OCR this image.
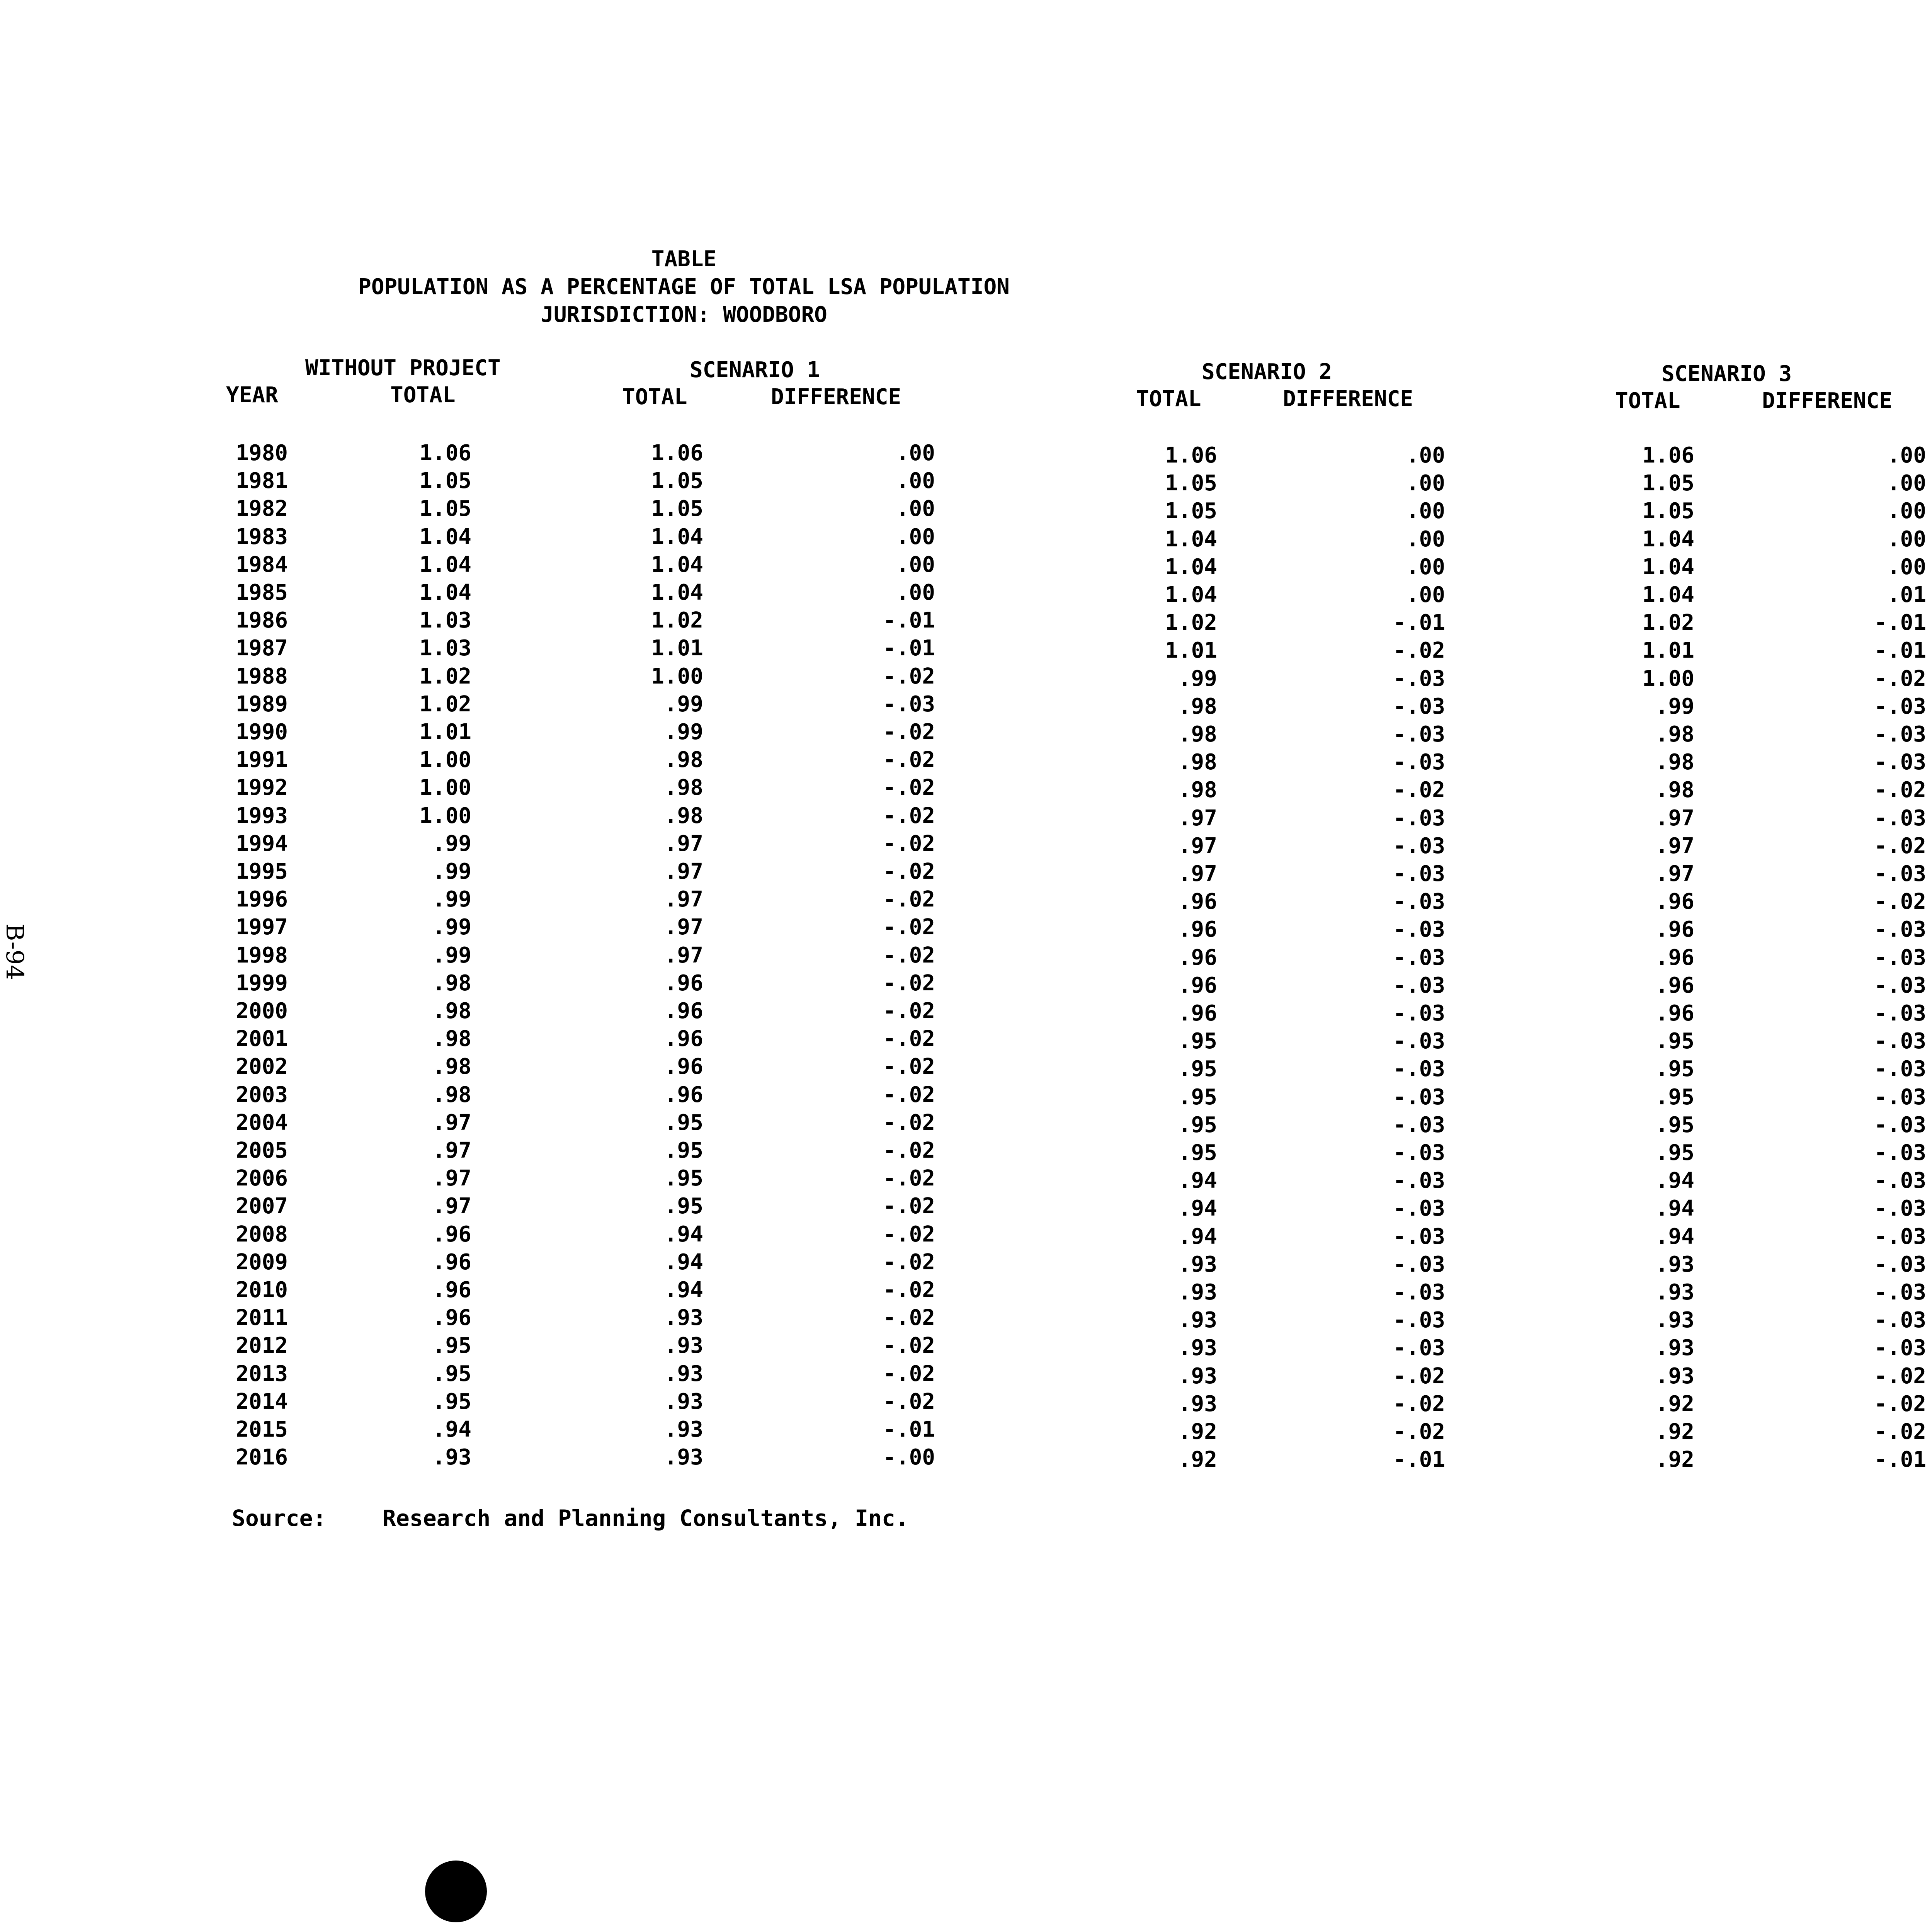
B-94
TABLE
POPULATION AS A PERCENTAGE OF TOTAL LSA POPULATION
JURISDICTION: WOODBORO
WITHOUT PROJECT
YEAR	TOTAL
SCENARIO 1
TOTAL	DIFFERENCE
SCENARIO 2
TOTAL	DIFFERENCE
SCENARIO 3
TOTAL	DIFFERENCE
1980	1.06	1.06	.00	1.06	.00	1.06	.00
1981	1.05	1.05	.00	1.05	.00	1.05	.00
1982	1.05	1.05	.00	1.05	.00	1.05	.00
1983	1.04	1.04	.00	1.04	.00	1.04	.00
1984	1.04	1.04	.00	1.04	.00	1.04	.00
1985	1.04	1.04	.00	1.04	.00	1.04	.01
1986	1.03	1.02	-.01	1.02	-.01	1.02	-.01
1987	1.03	1.01	-.01	1.01	-.02	1.01	-.01
1988	1.02	1.00	-.02	.99	-.03	1.00	-.02
1989	1.02	.99	-.03	.98	-.03	.99	-.03
1990	1.01	.99	-.02	.98	-.03	.98	-.03
1991	1.00	.98	-.02	.98	-.03	.98	-.03
1992	1.00	.98	-.02	.98	-.02	.98	-.02
1993	1.00	.98	-.02	.97	-.03	.97	-.03
1994	.99	.97	-.02	.97	-.03	.97	-.02
1995	.99	.97	-.02	.97	-.03	.97	-.03
1996	.99	.97	-.02	.96	-.03	.96	-.02
1997	.99	.97	-.02	.96	-.03	.96	-.03
1998	.99	.97	-.02	.96	-.03	.96	-.03
1999	.98	.96	-.02	.96	-.03	.96	-.03
2000	.98	.96	-.02	.96	-.03	.96	-.03
2001	.98	.96	-.02	.95	-.03	.95	-.03
2002	.98	.96	-.02	.95	-.03	.95	-.03
2003	.98	.96	-.02	.95	-.03	.95	-.03
2004	.97	.95	-.02	.95	-.03	.95	-.03
2005	.97	.95	-.02	.95	-.03	.95	-.03
2006	.97	.95	-.02	.94	-.03	.94	-.03
2007	.97	.95	-.02	.94	-.03	.94	-.03
2008	.96	.94	-.02	.94	-.03	.94	-.03
2009	.96	.94	-.02	.93	-.03	.93	-.03
2010	.96	.94	-.02	.93	-.03	.93	-.03
2011	.96	.93	-.02	.93	-.03	.93	-.03
2012	.95	.93	-.02	.93	-.03	.93	-.03
2013	.95	.93	-.02	.93	-.02	.93	-.02
2014	.95	.93	-.02	.93	-.02	.92	-.02
2015	.94	.93	-.01	.92	-.02	.92	-.02
2016	.93	.93	-.00	.92	-.01	.92	-.01
Source:	Research and Planning Consultants, Inc.
